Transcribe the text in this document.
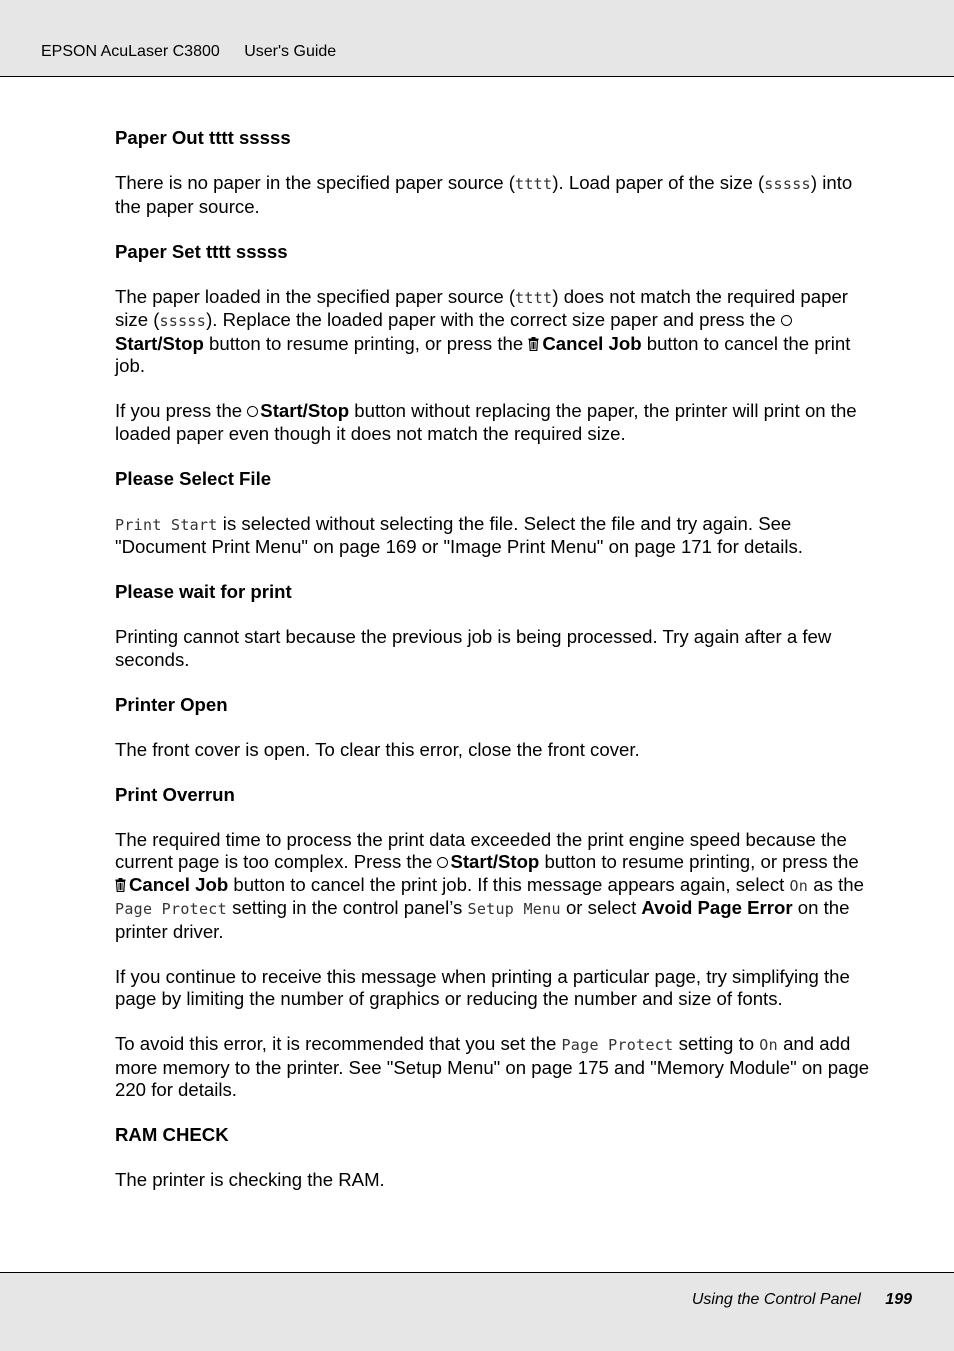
EPSON AcuLaser C3800 User's Guide
Paper Out tttt sssss

There is no paper in the specified paper source (tttt). Load paper of the size (sssss) into the paper source.

Paper Set tttt sssss

The paper loaded in the specified paper source (tttt) does not match the required paper size (sssss). Replace the loaded paper with the correct size paper and press the Start/Stop button to resume printing, or press the Cancel Job button to cancel the print job.

If you press the Start/Stop button without replacing the paper, the printer will print on the loaded paper even though it does not match the required size.

Please Select File

Print Start is selected without selecting the file. Select the file and try again. See "Document Print Menu" on page 169 or "Image Print Menu" on page 171 for details.

Please wait for print

Printing cannot start because the previous job is being processed. Try again after a few seconds.

Printer Open

The front cover is open. To clear this error, close the front cover.

Print Overrun

The required time to process the print data exceeded the print engine speed because the current page is too complex. Press the Start/Stop button to resume printing, or press the Cancel Job button to cancel the print job. If this message appears again, select On as the Page Protect setting in the control panel’s Setup Menu or select Avoid Page Error on the printer driver.

If you continue to receive this message when printing a particular page, try simplifying the page by limiting the number of graphics or reducing the number and size of fonts.

To avoid this error, it is recommended that you set the Page Protect setting to On and add more memory to the printer. See "Setup Menu" on page 175 and "Memory Module" on page 220 for details.

RAM CHECK

The printer is checking the RAM.

Using the Control Panel 199
